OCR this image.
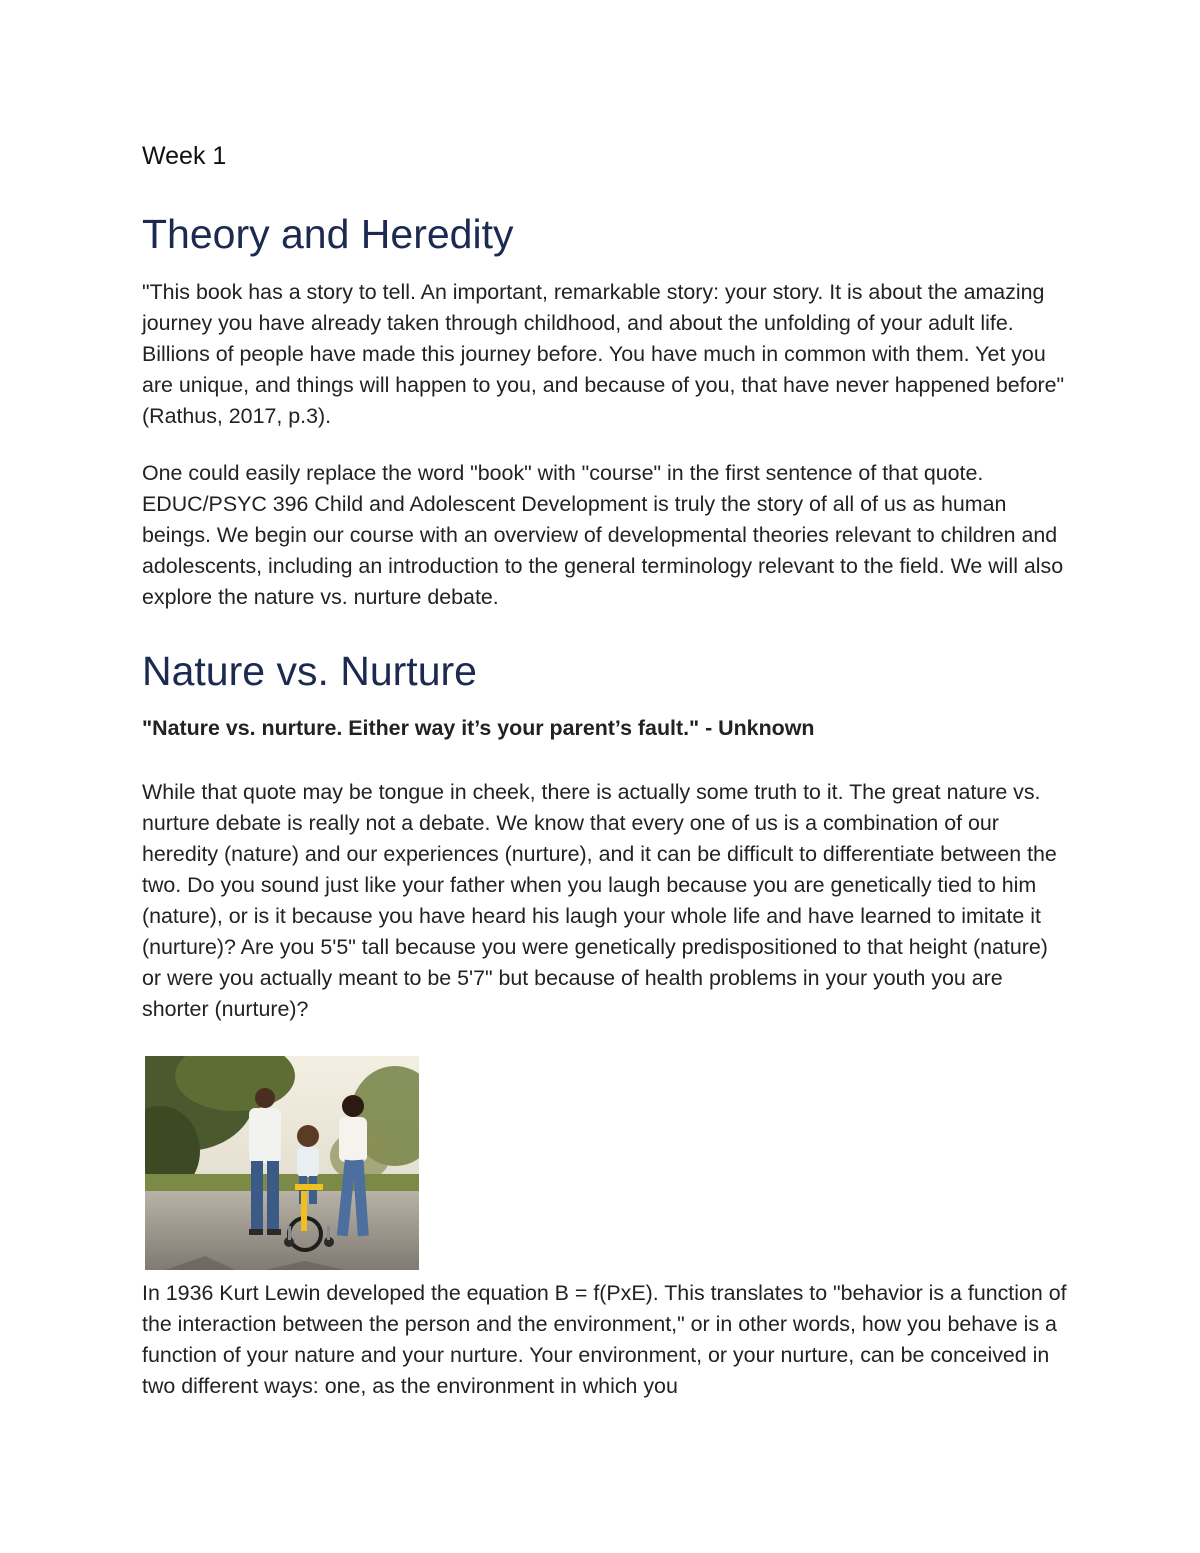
Week 1

Theory and Heredity

"This book has a story to tell. An important, remarkable story: your story. It is about the amazing journey you have already taken through childhood, and about the unfolding of your adult life. Billions of people have made this journey before. You have much in common with them. Yet you are unique, and things will happen to you, and because of you, that have never happened before" (Rathus, 2017, p.3).

One could easily replace the word "book" with "course" in the first sentence of that quote. EDUC/PSYC 396 Child and Adolescent Development is truly the story of all of us as human beings. We begin our course with an overview of developmental theories relevant to children and adolescents, including an introduction to the general terminology relevant to the field. We will also explore the nature vs. nurture debate.

Nature vs. Nurture

"Nature vs. nurture. Either way it’s your parent’s fault." - Unknown

While that quote may be tongue in cheek, there is actually some truth to it. The great nature vs. nurture debate is really not a debate. We know that every one of us is a combination of our heredity (nature) and our experiences (nurture), and it can be difficult to differentiate between the two. Do you sound just like your father when you laugh because you are genetically tied to him (nature), or is it because you have heard his laugh your whole life and have learned to imitate it (nurture)? Are you 5'5" tall because you were genetically predispositioned to that height (nature) or were you actually meant to be 5'7" but because of health problems in your youth you are shorter (nurture)?

In 1936 Kurt Lewin developed the equation B = f(PxE). This translates to "behavior is a function of the interaction between the person and the environment," or in other words, how you behave is a function of your nature and your nurture. Your environment, or your nurture, can be conceived in two different ways: one, as the environment in which you
